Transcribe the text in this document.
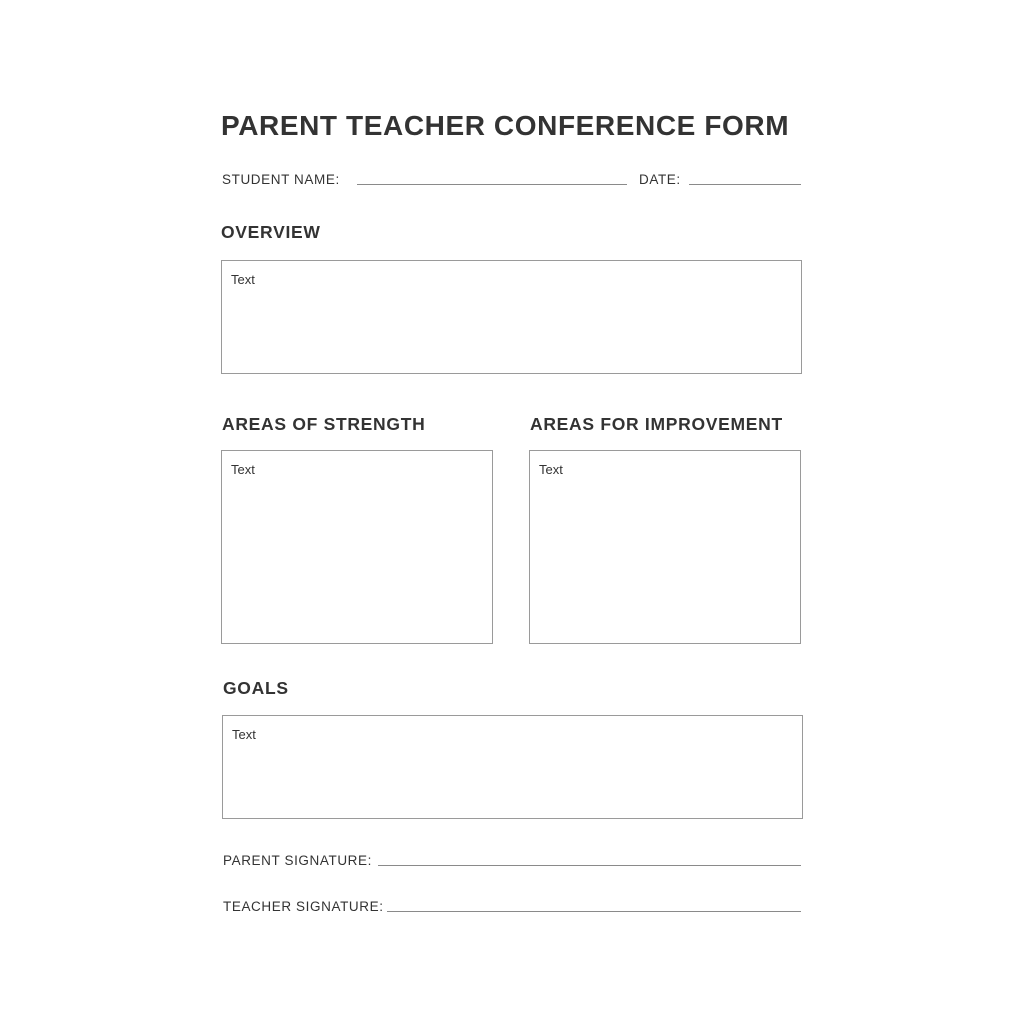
PARENT TEACHER CONFERENCE FORM
STUDENT NAME:	DATE:
OVERVIEW
Text
AREAS OF STRENGTH
Text
AREAS FOR IMPROVEMENT
Text
GOALS
Text
PARENT SIGNATURE:
TEACHER SIGNATURE:
